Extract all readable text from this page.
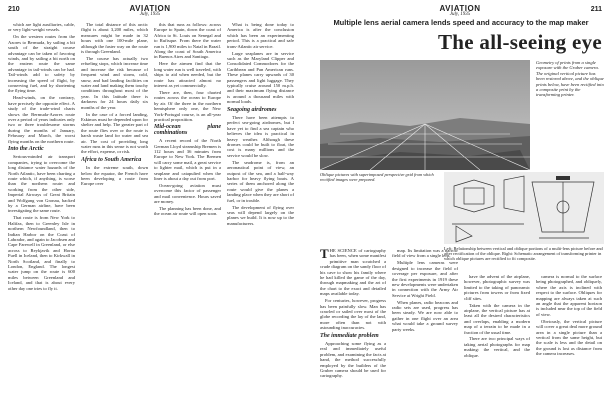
210	AVIATION
July, 1935

which are light auxiliaries, cable, or very light-weight vessels.

On the western routes from the Azores to Bermuda, by sailing a bit south of the straight course advantage can be taken of favoring winds, and by sailing a bit north on the eastern route the same advantage in tail-winds can be had. Tail-winds add to safety by increasing the speed of flight, by conserving fuel, and by shortening the flying time.

Head-winds, on the contrary, have precisely the opposite effect. A study of the trade-wind charts shows the Bermuda-Azores route over a period of years indicates only two or three troublesome storms during the months of January, February and March, the worst flying months on the northern route.

Into the Arctic

Serious-minded air transport companies, trying to overcome the long distance water hazards of the North Atlantic, have been charting a route which, if anything, is worse than the northern route: and working from the other side, Imperial Airways of Great Britain and Wolfgang von Gronau, backed by a German airline, have been investigating the same route.

That route is from New York to Halifax, then to Greenley Isle in northern Newfoundland, then to Indian Harbor on the Coast of Labrador, and again to Jacobsen and Cape Farewell in Greenland, or else across to Reykjavik and Horna Fuell in Iceland, then to Kirkwall in North Scotland, and finally to London, England. The longest water jump on the route is 600 miles between Greenland and Iceland, and that is about every other day one tries to fly it.

The total distance of this arctic flight is about 3,200 miles, which measures might be made in 32 hours with one 100-mile plane, although the faster way on the route is through Greenland.

The course has actually two refueling stops, which increase time and increase the risk because of frequent wind and storm, cold, snow, and bad landing facilities on water and land making them touchy conditions throughout most of the year. In this latitude there is darkness for 24 hours daily six months of the year.

In the case of a forced landing, Eskimos must be depended upon for shelter and help. The greater part of the route flies over or the route is harsh waste land for water and sea air. The cost of providing long water runs in this sense is not worth the effort, expense, or risk.

Africa to South America

In the extreme south, down below the equator, the French have been developing a route from Europe over

this that runs as follows: across Europe to Spain, down the coast of Africa to St. Louis on Senegal and to Rufisque. From there the water run is 1,900 miles to Natal in Brazil. Along the coast of South America in Buenos Aires and Santiago.

Here the airmen find that the long water run is well traveled, with ships to aid when needed, but the route has attracted almost no interest as yet commercially.

There are, then, four charted routes across the ocean to Europe by air. Of the three in the northern hemisphere only one, the New York-Portugal course, is an all-year practical proposition.

Mid-ocean plane combinations

A recent record of the North German Lloyd steamship Bremen is 112 hours and 36 minutes from Europe to New York. The Bremen will carry some mail, a great service to lighter mail, which is put in a seaplane and catapulted when the liner is about a day out from port.

Ocean-going aviation must overcome this factor of passenger and mail convenience. Hours saved are money.

The planning has been done, and the ocean air route will open soon.

What is being done today to America is after the conclusion which has been an experimenting period. This is a practical and safe trans-Atlantic air service.

Large seaplanes are in service such as the Maryland Clipper and Consolidated Commodores for the Caribbean and Pan American runs. These planes carry upwards of 30 passengers and light luggage. They typically cruise around 150 m.p.h. and their maximum flying distance is around a thousand miles with normal loads.

Seagoing airdromes

There have been attempts to perfect sea-going airdromes, but I have yet to find a sea captain who believes the idea is practical in heavy weather. Although these dromes could be built to float, the cost is many millions and the service would be slow.

The seadrome is, from an aeronautical point of view, an outpost of the sea, and a half-way harbor for heavy flying boats. A series of them anchored along the route would give the planes a landing place when they are short of fuel, or in trouble.

The development of flying over seas will depend largely on the planes we build. It is now up to the manufacturers.

AVIATION
July, 1935
211
Multiple lens aerial camera lends speed and accuracy to the map maker
The all-seeing eye
Geometry of prints from a single exposure with the Gruber camera. The original vertical picture has been restored above, and the oblique prints below, have been rectified into a composite print by the transforming printer.
Oblique pictures with superimposed perspective grid from which rectified images were prepared.
Left: Relationship between vertical and oblique portions of a multi-lens picture before and after rectification of the oblique. Right: Schematic arrangement of transforming printer in which oblique pictures are rectified to fit composite.

THE SCIENCE of cartography has been, when some manifest primitive man scratched a crude diagram on the sandy floor of his cave to show his family where he had killed the game of the day, through mapmaking and the art of the chart to the exact and detailed maps available today.

For centuries, however, progress has been painfully slow. Man has crawled or sailed over most of the globe recording the lay of the land, more often than not with astounding inaccuracies.

The immediate problem

Approaching some flying as a real and immediately useful problem, and examining the facts at hand, the method successfully employed by the builders of the Gruber camera should be used for cartography.

map. Its limitation was a narrow field of view from a single lens.

Multiple lens cameras were designed to increase the field of coverage per exposure, and after the first experiments in 1919 these new developments were undertaken in connection with the Army Air Service at Wright Field.

When planes, radio beacons and radio sets are used, progress has been steady. We are now able to gather in one flight over an area what would take a ground survey party weeks.

have the advent of the airplane, however, photographic survey was limited to the taking of panoramic pictures from towers or from fixed cliff sites.

Taken with the camera in the airplane, the vertical picture has at least all the desired characteristics and overlaps, enabling a modern map of a terrain to be made in a fraction of the usual time.

There are two principal ways of taking aerial photographs for map making: the vertical, and the oblique.

camera is normal to the surface being photographed, and obliquely, where the axis is inclined with respect to the surface. Obliques for mapping are always taken at such an angle that the apparent horizon is included near the top of the field of view.

Obviously, the vertical picture will cover a great deal more ground area in a single picture than a vertical from the same height, but the scale is less and the detail on the ground is lost as distance from the camera increases.
